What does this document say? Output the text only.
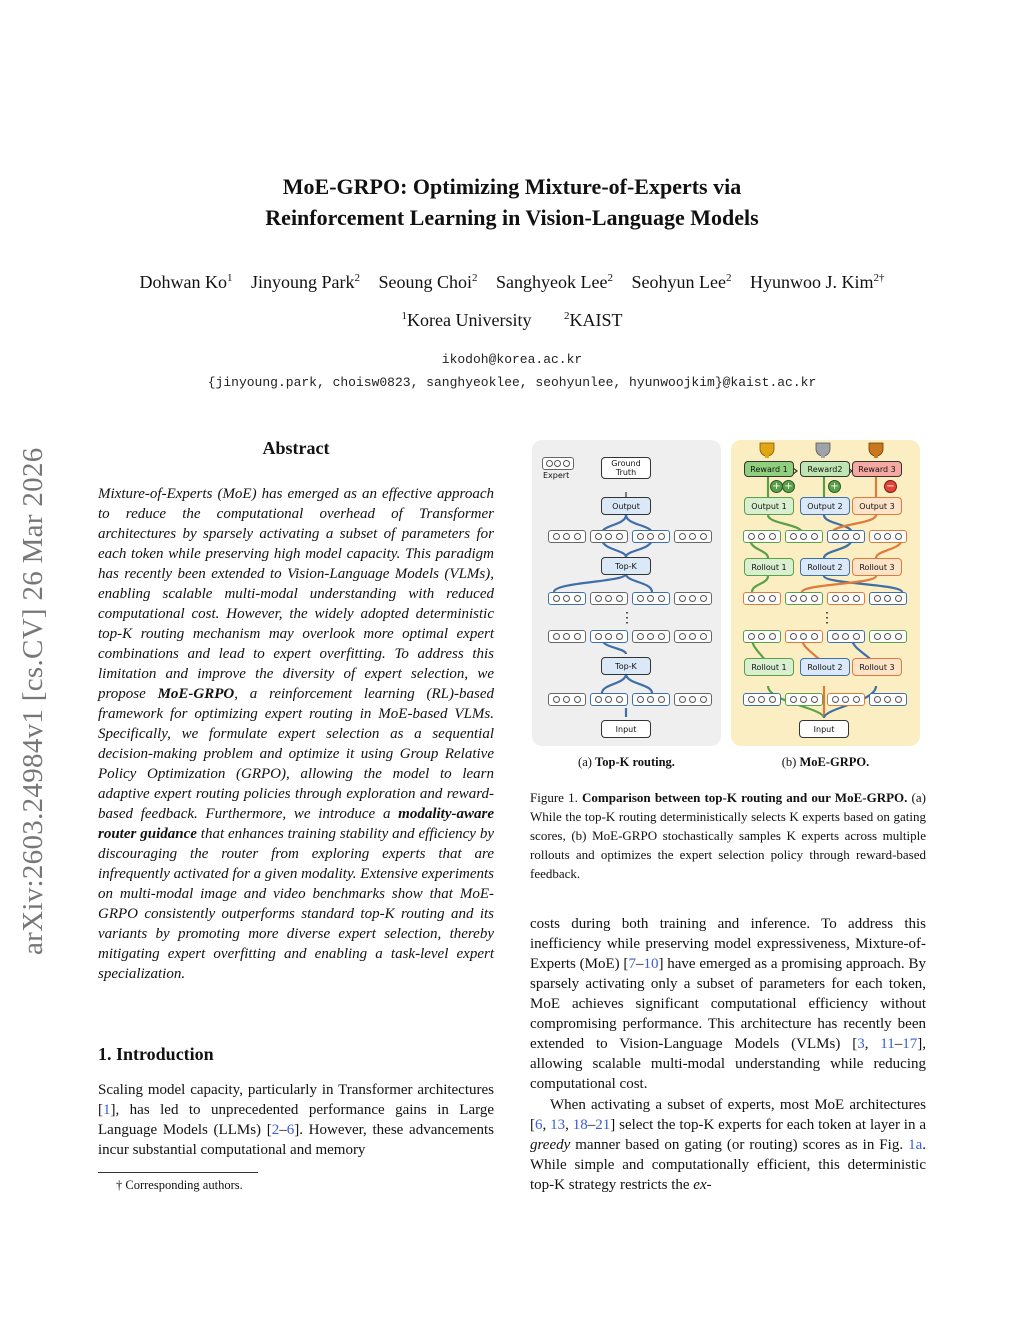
MoE-GRPO: Optimizing Mixture-of-Experts via
Reinforcement Learning in Vision-Language Models
Dohwan Ko$^1$ Jinyoung Park$^2$ Seoung Choi$^2$ Sanghyeok Lee$^2$ Seohyun Lee$^2$ Hyunwoo J. Kim$^{2\dagger}$
$^1$Korea University	$^2$KAIST
ikodoh@korea.ac.kr
{jinyoung.park, choisw0823, sanghyeoklee, seohyunlee, hyunwoojkim}@kaist.ac.kr
arXiv:2603.24984v1 [cs.CV] 26 Mar 2026	Abstract
Mixture-of-Experts (MoE) has emerged as an effective approach to reduce the computational overhead of Transformer architectures by sparsely activating a subset of parameters for each token while preserving high model capacity. This paradigm has recently been extended to Vision-Language Models (VLMs), enabling scalable multi-modal understanding with reduced computational cost. However, the widely adopted deterministic top-K routing mechanism may overlook more optimal expert combinations and lead to expert overfitting. To address this limitation and improve the diversity of expert selection, we propose MoE-GRPO, a reinforcement learning (RL)-based framework for optimizing expert routing in MoE-based VLMs. Specifically, we formulate expert selection as a sequential decision-making problem and optimize it using Group Relative Policy Optimization (GRPO), allowing the model to learn adaptive expert routing policies through exploration and reward-based feedback. Furthermore, we introduce a modality-aware router guidance that enhances training stability and efficiency by discouraging the router from exploring experts that are infrequently activated for a given modality. Extensive experiments on multi-modal image and video benchmarks show that MoE-GRPO consistently outperforms standard top-K routing and its variants by promoting more diverse expert selection, thereby mitigating expert overfitting and enabling a task-level expert specialization.
1. Introduction
Scaling model capacity, particularly in Transformer architectures [1], has led to unprecedented performance gains in Large Language Models (LLMs) [2–6]. However, these advancements incur substantial computational and memory
† Corresponding authors.
Expert
Ground Truth
Output
Top-K
⋮
Top-K
Input
Reward 1	Reward2	Reward 3
+ +	+	−
Output 1	Output 2	Output 3
Rollout 1	Rollout 2	Rollout 3
⋮
Rollout 1	Rollout 2	Rollout 3
Input
(a) Top-K routing.	(b) MoE-GRPO.
Figure 1. Comparison between top-K routing and our MoE-GRPO. (a) While the top-K routing deterministically selects K experts based on gating scores, (b) MoE-GRPO stochastically samples K experts across multiple rollouts and optimizes the expert selection policy through reward-based feedback.
costs during both training and inference. To address this inefficiency while preserving model expressiveness, Mixture-of-Experts (MoE) [7–10] have emerged as a promising approach. By sparsely activating only a subset of parameters for each token, MoE achieves significant computational efficiency without compromising performance. This architecture has recently been extended to Vision-Language Models (VLMs) [3, 11–17], allowing scalable multi-modal understanding while reducing computational cost.
When activating a subset of experts, most MoE architectures [6, 13, 18–21] select the top-K experts for each token at layer in a greedy manner based on gating (or routing) scores as in Fig. 1a. While simple and computationally efficient, this deterministic top-K strategy restricts the ex-
